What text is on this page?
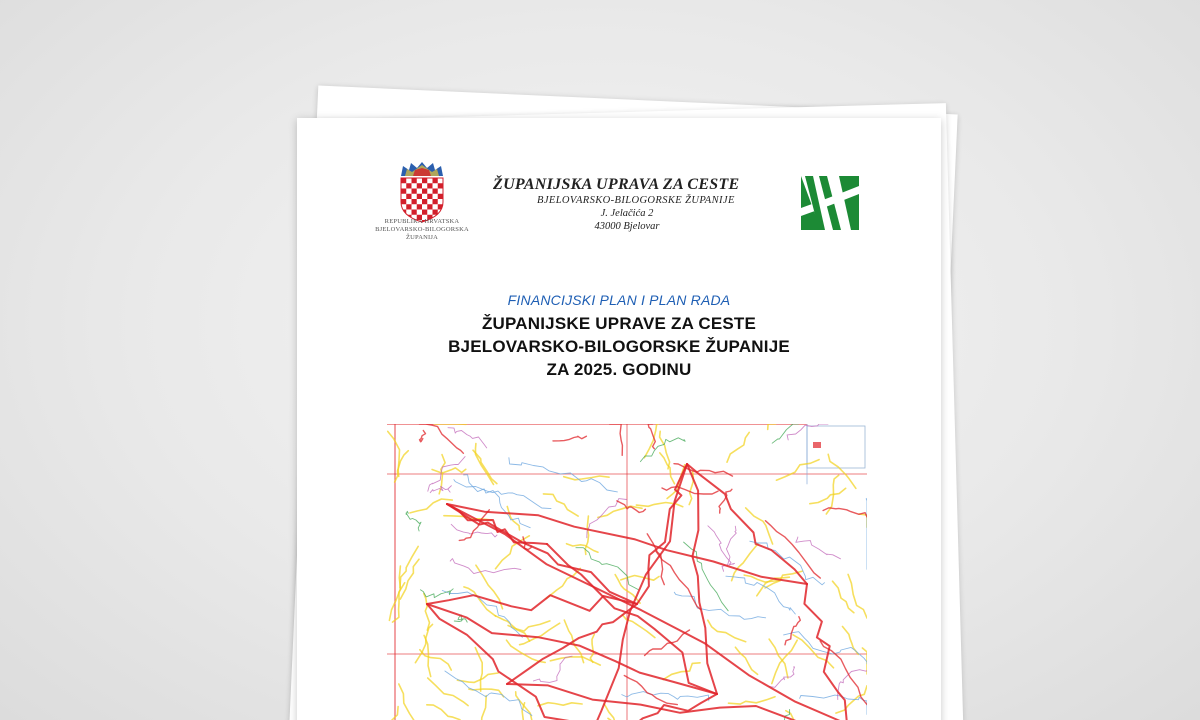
REPUBLIKA HRVATSKA
BJELOVARSKO-BILOGORSKA ŽUPANIJA
ŽUPANIJSKA UPRAVA ZA CESTE
BJELOVARSKO-BILOGORSKE ŽUPANIJE
J. Jelačića 2
43000 Bjelovar
FINANCIJSKI PLAN I PLAN RADA
ŽUPANIJSKE UPRAVE ZA CESTE
BJELOVARSKO-BILOGORSKE ŽUPANIJE
ZA 2025. GODINU
